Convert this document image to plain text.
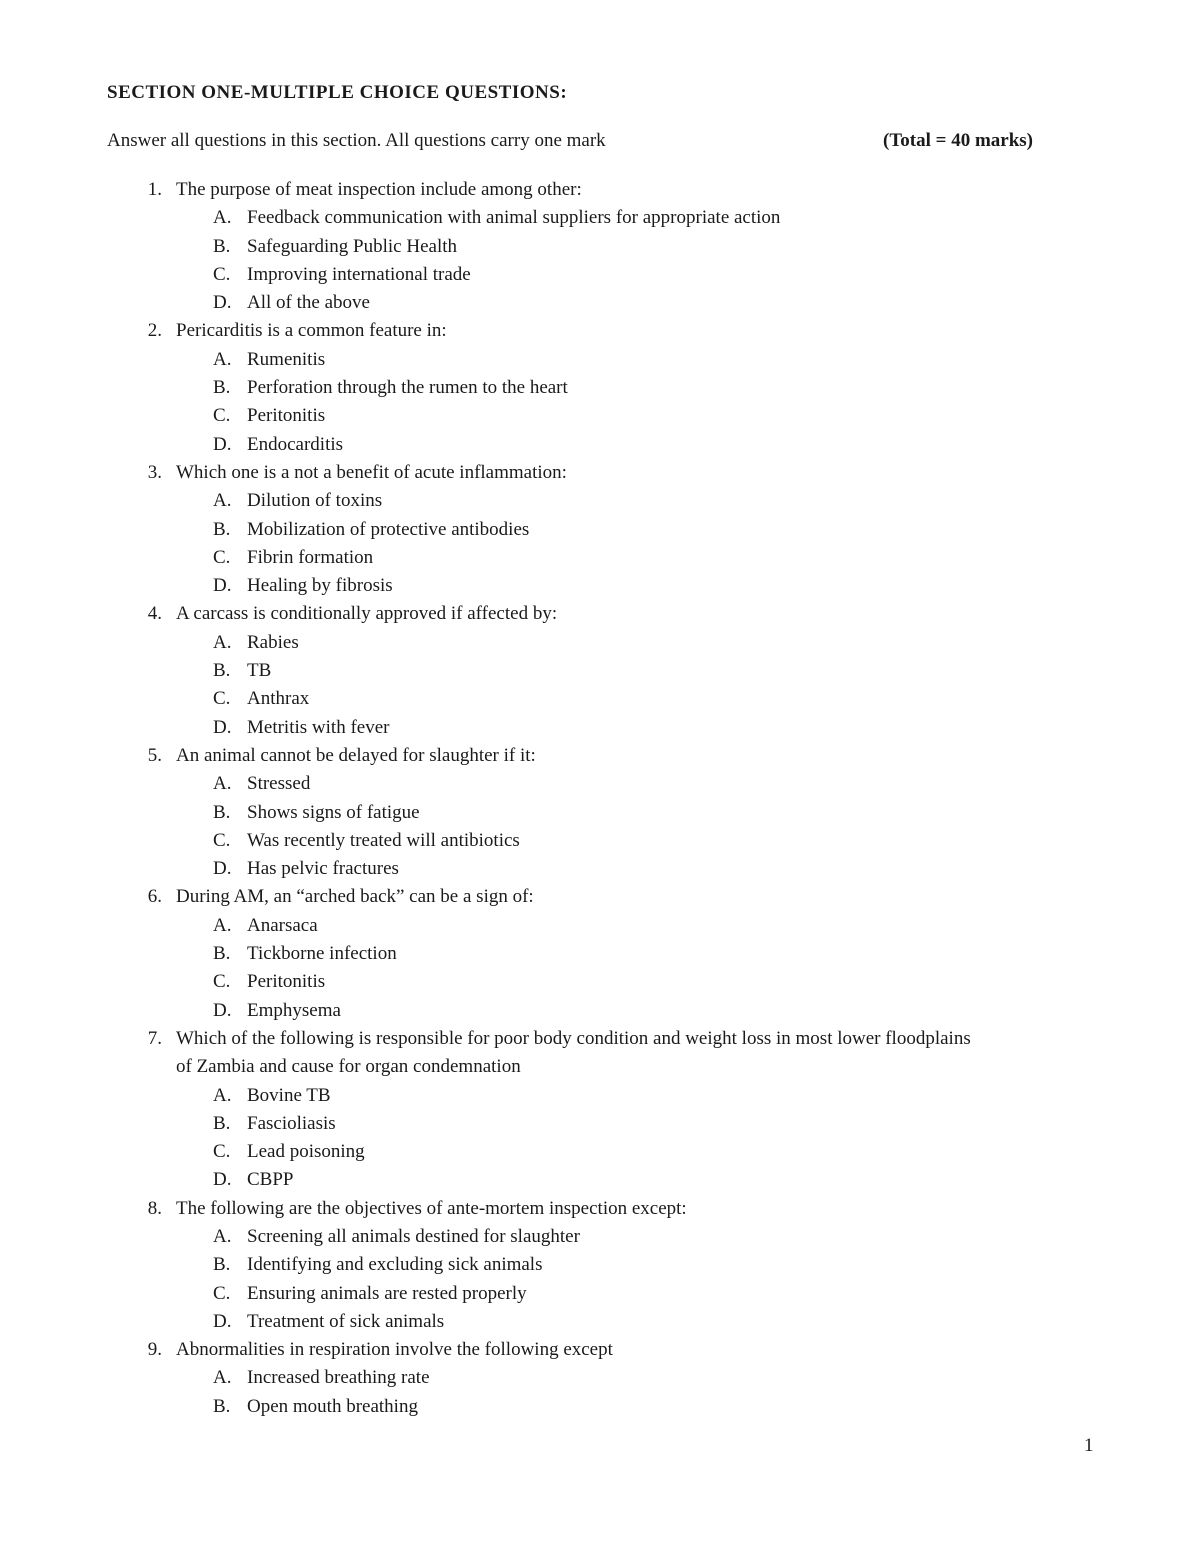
SECTION ONE-MULTIPLE CHOICE QUESTIONS:
Answer all questions in this section. All questions carry one mark	(Total = 40 marks)
1. The purpose of meat inspection include among other:
A. Feedback communication with animal suppliers for appropriate action
B. Safeguarding Public Health
C. Improving international trade
D. All of the above
2. Pericarditis is a common feature in:
A. Rumenitis
B. Perforation through the rumen to the heart
C. Peritonitis
D. Endocarditis
3. Which one is a not a benefit of acute inflammation:
A. Dilution of toxins
B. Mobilization of protective antibodies
C. Fibrin formation
D. Healing by fibrosis
4. A carcass is conditionally approved if affected by:
A. Rabies
B. TB
C. Anthrax
D. Metritis with fever
5. An animal cannot be delayed for slaughter if it:
A. Stressed
B. Shows signs of fatigue
C. Was recently treated will antibiotics
D. Has pelvic fractures
6. During AM, an “arched back” can be a sign of:
A. Anarsaca
B. Tickborne infection
C. Peritonitis
D. Emphysema
7. Which of the following is responsible for poor body condition and weight loss in most lower floodplains
of Zambia and cause for organ condemnation
A. Bovine TB
B. Fascioliasis
C. Lead poisoning
D. CBPP
8. The following are the objectives of ante-mortem inspection except:
A. Screening all animals destined for slaughter
B. Identifying and excluding sick animals
C. Ensuring animals are rested properly
D. Treatment of sick animals
9. Abnormalities in respiration involve the following except
A. Increased breathing rate
B. Open mouth breathing
1
